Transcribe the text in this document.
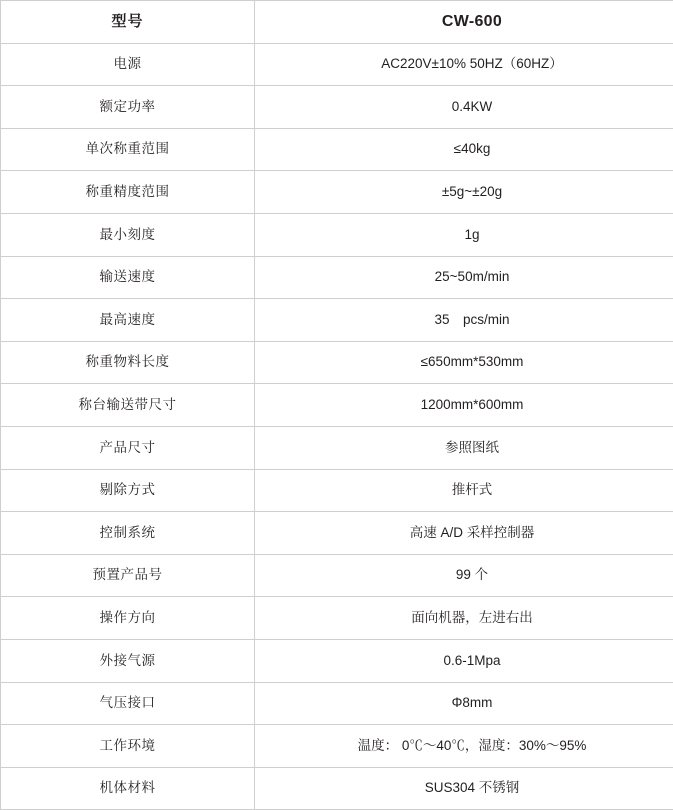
型号	CW-600
电源	AC220V±10% 50HZ（60HZ）
额定功率	0.4KW
单次称重范围	≤40kg
称重精度范围	±5g~±20g
最小刻度	1g
输送速度	25~50m/min
最高速度	35　pcs/min
称重物料长度	≤650mm*530mm
称台输送带尺寸	1200mm*600mm
产品尺寸	参照图纸
剔除方式	推杆式
控制系统	高速 A/D 采样控制器
预置产品号	99 个
操作方向	面向机器，左进右出
外接气源	0.6-1Mpa
气压接口	Φ8mm
工作环境	温度： 0℃～40℃，湿度：30%～95%
机体材料	SUS304 不锈钢
